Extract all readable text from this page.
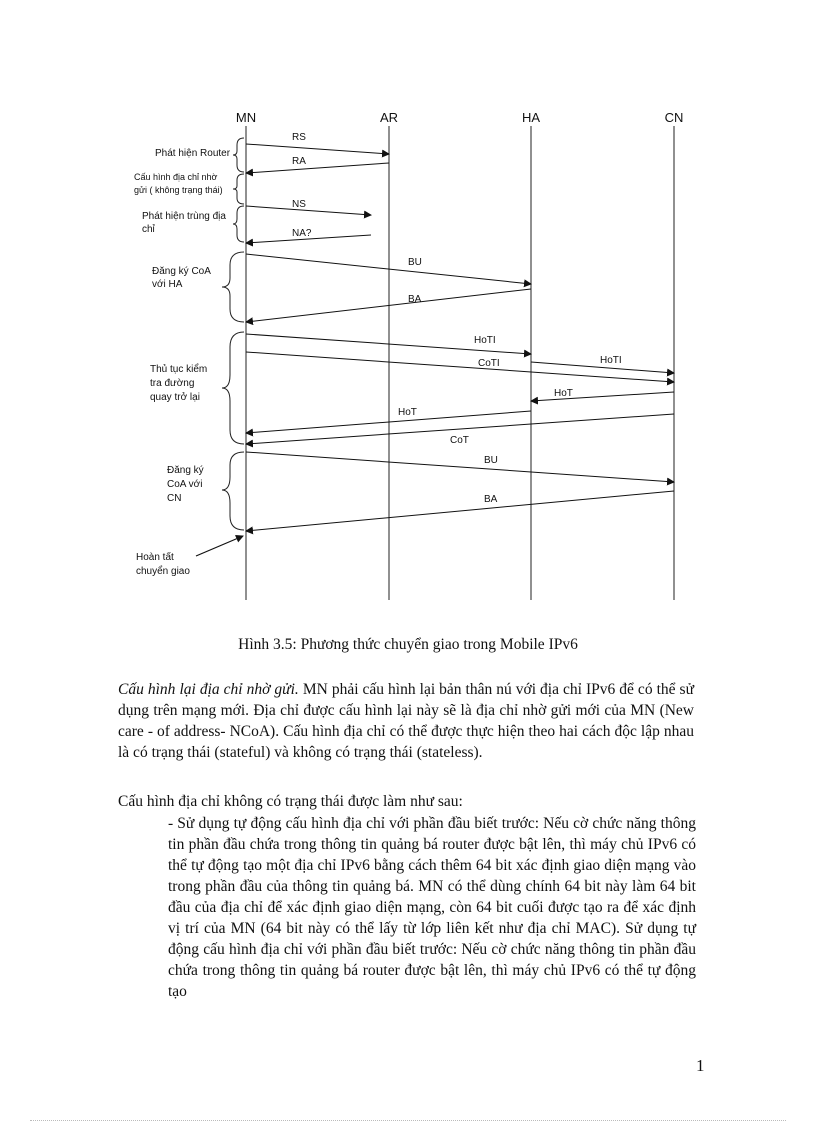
MN	AR	HA	CN
Phát hiện Router
Cấu hình địa chỉ nhờ gửi ( không trạng thái)
Phát hiện trùng địa chỉ
Đăng ký CoA với HA
Thủ tục kiểm tra đường quay trở lại
Đăng ký CoA với CN
Hoàn tất chuyển giao
RS
RA
NS
NA?
BU
BA
HoTI
CoTI	HoTI
HoT
HoT
CoT
BU
BA
Hình 3.5: Phương thức chuyển giao trong Mobile IPv6
Cấu hình lại địa chỉ nhờ gửi. MN phải cấu hình lại bản thân nú với địa chỉ IPv6 để có thể sử dụng trên mạng mới. Địa chỉ được cấu hình lại này sẽ là địa chỉ nhờ gửi mới của MN (New care - of address- NCoA). Cấu hình địa chỉ có thể được thực hiện theo hai cách độc lập nhau là có trạng thái (stateful) và không có trạng thái (stateless).
Cấu hình địa chỉ không có trạng thái được làm như sau:
- Sử dụng tự động cấu hình địa chỉ với phần đầu biết trước: Nếu cờ chức năng thông tin phần đầu chứa trong thông tin quảng bá router được bật lên, thì máy chủ IPv6 có thể tự động tạo một địa chỉ IPv6 bằng cách thêm 64 bit xác định giao diện mạng vào trong phần đầu của thông tin quảng bá. MN có thể dùng chính 64 bit này làm 64 bit đầu của địa chỉ để xác định giao diện mạng, còn 64 bit cuối được tạo ra để xác định vị trí của MN (64 bit này có thể lấy từ lớp liên kết như địa chỉ MAC). Sử dụng tự động cấu hình địa chỉ với phần đầu biết trước: Nếu cờ chức năng thông tin phần đầu chứa trong thông tin quảng bá router được bật lên, thì máy chủ IPv6 có thể tự động tạo
1
